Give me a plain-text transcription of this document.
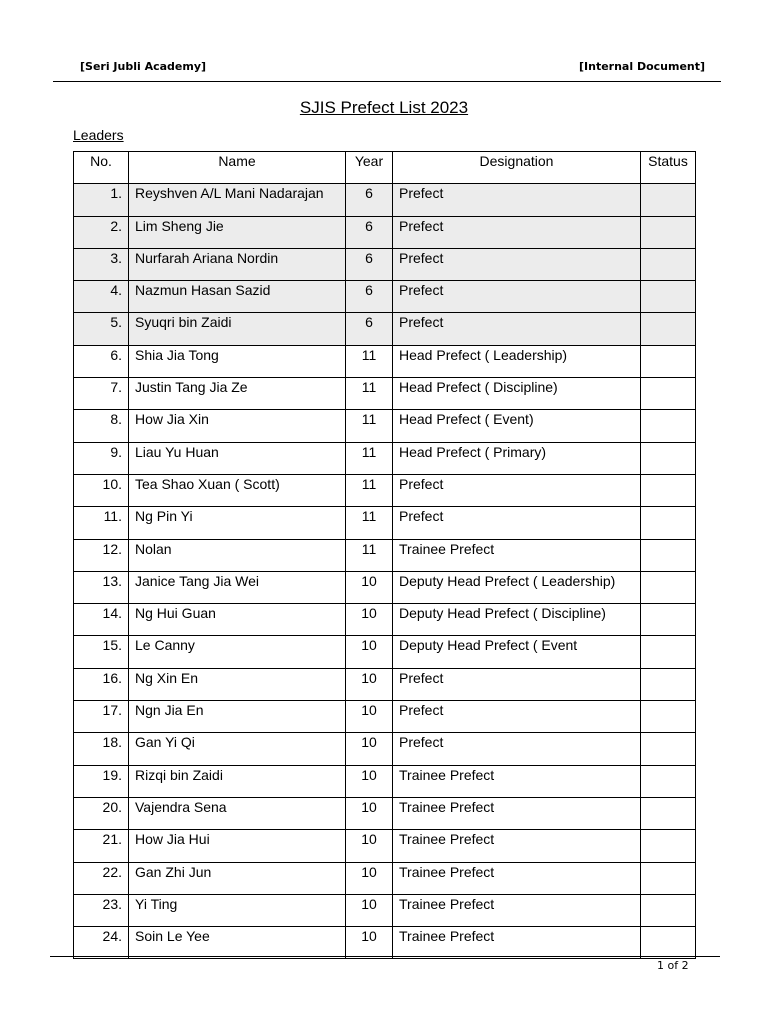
[Seri Jubli Academy]	[Internal Document]
SJIS Prefect List 2023
Leaders
No.	Name	Year	Designation	Status
1.	Reyshven A/L Mani Nadarajan	6	Prefect	
2.	Lim Sheng Jie	6	Prefect	
3.	Nurfarah Ariana Nordin	6	Prefect	
4.	Nazmun Hasan Sazid	6	Prefect	
5.	Syuqri bin Zaidi	6	Prefect	
6.	Shia Jia Tong	11	Head Prefect ( Leadership)	
7.	Justin Tang Jia Ze	11	Head Prefect ( Discipline)	
8.	How Jia Xin	11	Head Prefect ( Event)	
9.	Liau Yu Huan	11	Head Prefect ( Primary)	
10.	Tea Shao Xuan ( Scott)	11	Prefect	
11.	Ng Pin Yi	11	Prefect	
12.	Nolan	11	Trainee Prefect	
13.	Janice Tang Jia Wei	10	Deputy Head Prefect ( Leadership)	
14.	Ng Hui Guan	10	Deputy Head Prefect ( Discipline)	
15.	Le Canny	10	Deputy Head Prefect ( Event	
16.	Ng Xin En	10	Prefect	
17.	Ngn Jia En	10	Prefect	
18.	Gan Yi Qi	10	Prefect	
19.	Rizqi bin Zaidi	10	Trainee Prefect	
20.	Vajendra Sena	10	Trainee Prefect	
21.	How Jia Hui	10	Trainee Prefect	
22.	Gan Zhi Jun	10	Trainee Prefect	
23.	Yi Ting	10	Trainee Prefect	
24.	Soin Le Yee	10	Trainee Prefect	
1 of 2
